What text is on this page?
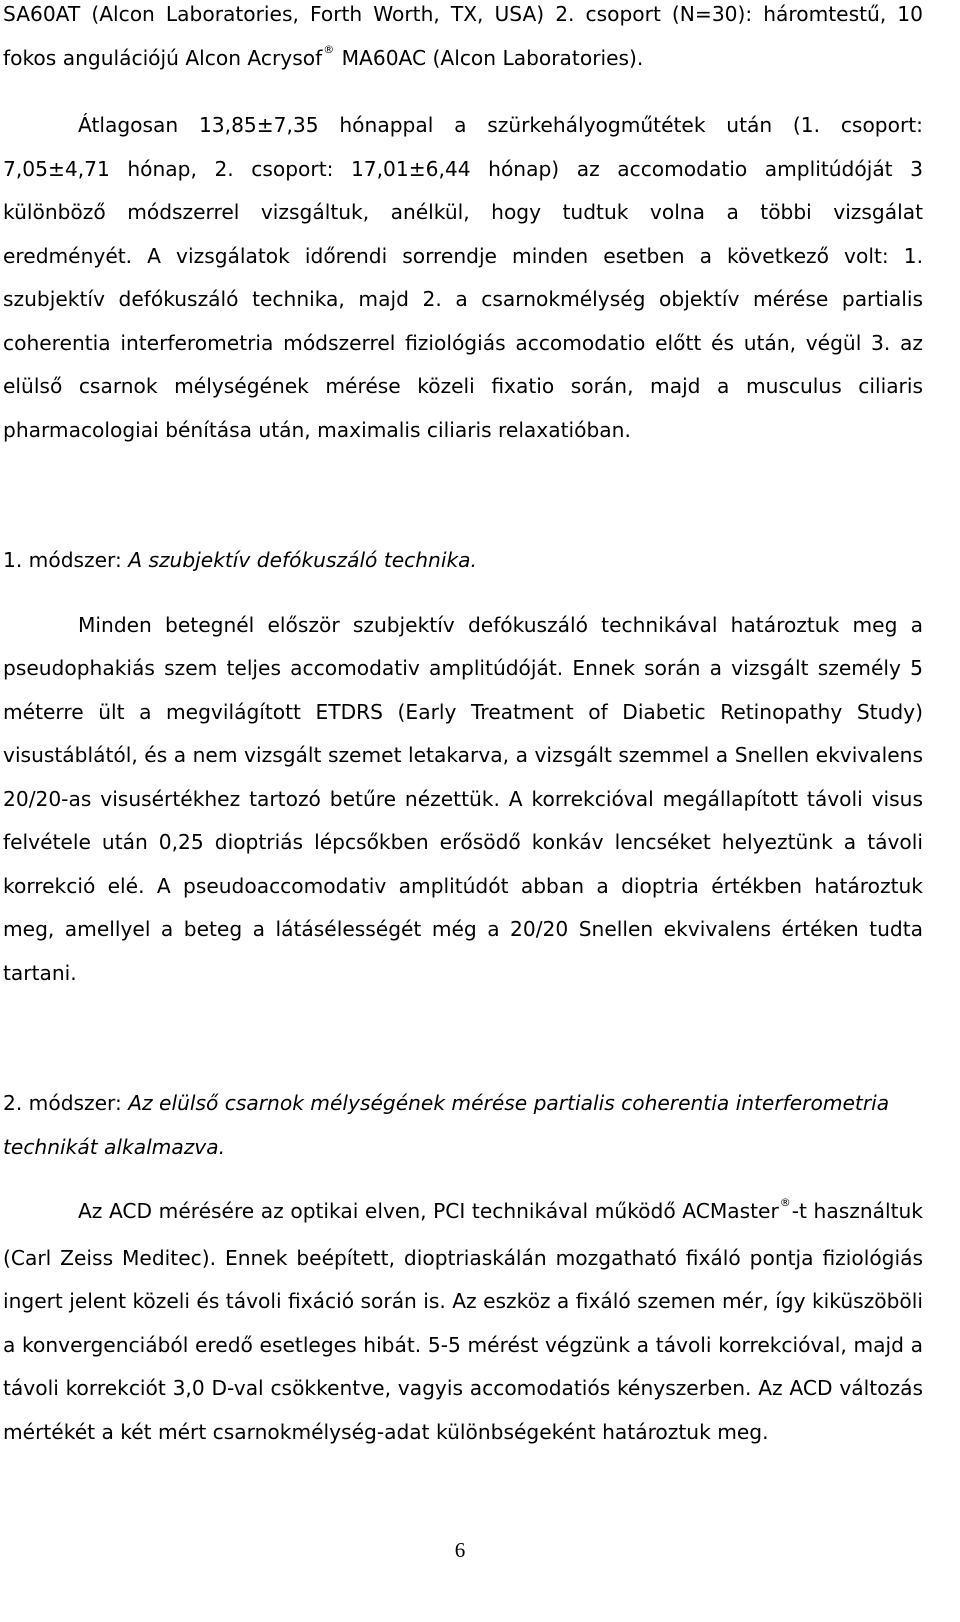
SA60AT (Alcon Laboratories, Forth Worth, TX, USA) 2. csoport (N=30): háromtestű, 10 fokos angulációjú Alcon Acrysof® MA60AC (Alcon Laboratories).

Átlagosan 13,85±7,35 hónappal a szürkehályogműtétek után (1. csoport: 7,05±4,71 hónap, 2. csoport: 17,01±6,44 hónap) az accomodatio amplitúdóját 3 különböző módszerrel vizsgáltuk, anélkül, hogy tudtuk volna a többi vizsgálat eredményét. A vizsgálatok időrendi sorrendje minden esetben a következő volt: 1. szubjektív defókuszáló technika, majd 2. a csarnokmélység objektív mérése partialis coherentia interferometria módszerrel fiziológiás accomodatio előtt és után, végül 3. az elülső csarnok mélységének mérése közeli fixatio során, majd a musculus ciliaris pharmacologiai bénítása után, maximalis ciliaris relaxatióban.

1. módszer: A szubjektív defókuszáló technika.

Minden betegnél először szubjektív defókuszáló technikával határoztuk meg a pseudophakiás szem teljes accomodativ amplitúdóját. Ennek során a vizsgált személy 5 méterre ült a megvilágított ETDRS (Early Treatment of Diabetic Retinopathy Study) visustáblától, és a nem vizsgált szemet letakarva, a vizsgált szemmel a Snellen ekvivalens 20/20-as visusértékhez tartozó betűre nézettük. A korrekcióval megállapított távoli visus felvétele után 0,25 dioptriás lépcsőkben erősödő konkáv lencséket helyeztünk a távoli korrekció elé. A pseudoaccomodativ amplitúdót abban a dioptria értékben határoztuk meg, amellyel a beteg a látásélességét még a 20/20 Snellen ekvivalens értéken tudta tartani.

2. módszer: Az elülső csarnok mélységének mérése partialis coherentia interferometria

technikát alkalmazva.

Az ACD mérésére az optikai elven, PCI technikával működő ACMaster®-t használtuk (Carl Zeiss Meditec). Ennek beépített, dioptriaskálán mozgatható fixáló pontja fiziológiás ingert jelent közeli és távoli fixáció során is. Az eszköz a fixáló szemen mér, így kiküszöböli a konvergenciából eredő esetleges hibát. 5-5 mérést végzünk a távoli korrekcióval, majd a távoli korrekciót 3,0 D-val csökkentve, vagyis accomodatiós kényszerben. Az ACD változás mértékét a két mért csarnokmélység-adat különbségeként határoztuk meg.

6
